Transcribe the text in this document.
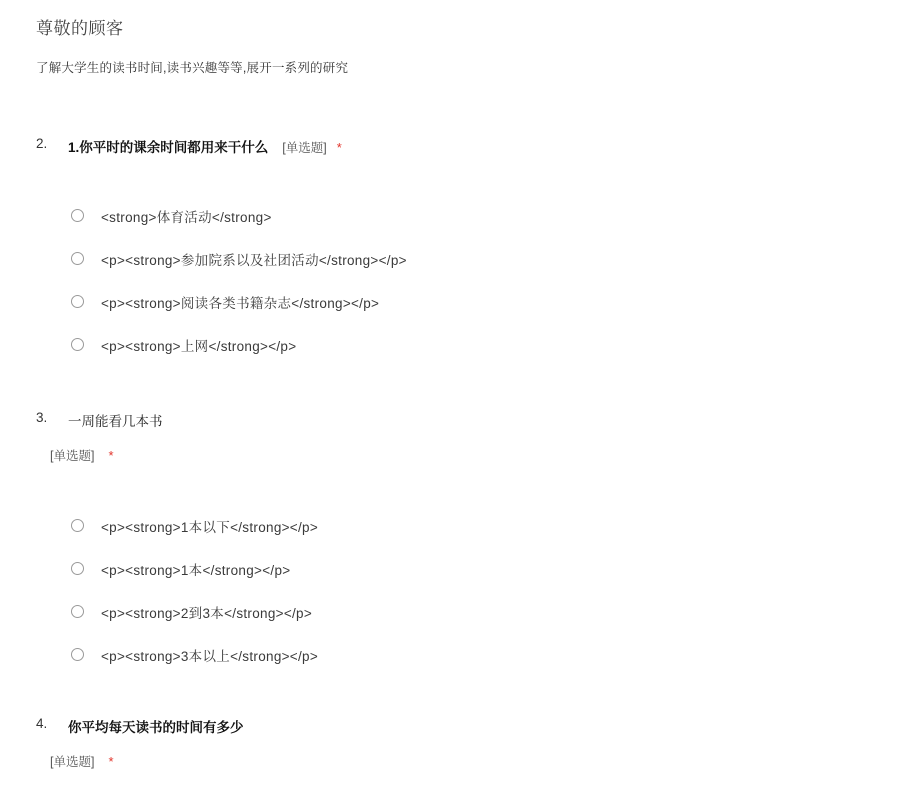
尊敬的顾客
了解大学生的读书时间,读书兴趣等等,展开一系列的研究
2. 1.你平时的课余时间都用来干什么 [单选题] *
<strong>体育活动</strong>
<p><strong>参加院系以及社团活动</strong></p>
<p><strong>阅读各类书籍杂志</strong></p>
<p><strong>上网</strong></p>
3. 一周能看几本书
[单选题] *
<p><strong>1本以下</strong></p>
<p><strong>1本</strong></p>
<p><strong>2到3本</strong></p>
<p><strong>3本以上</strong></p>
4. 你平均每天读书的时间有多少
[单选题] *
